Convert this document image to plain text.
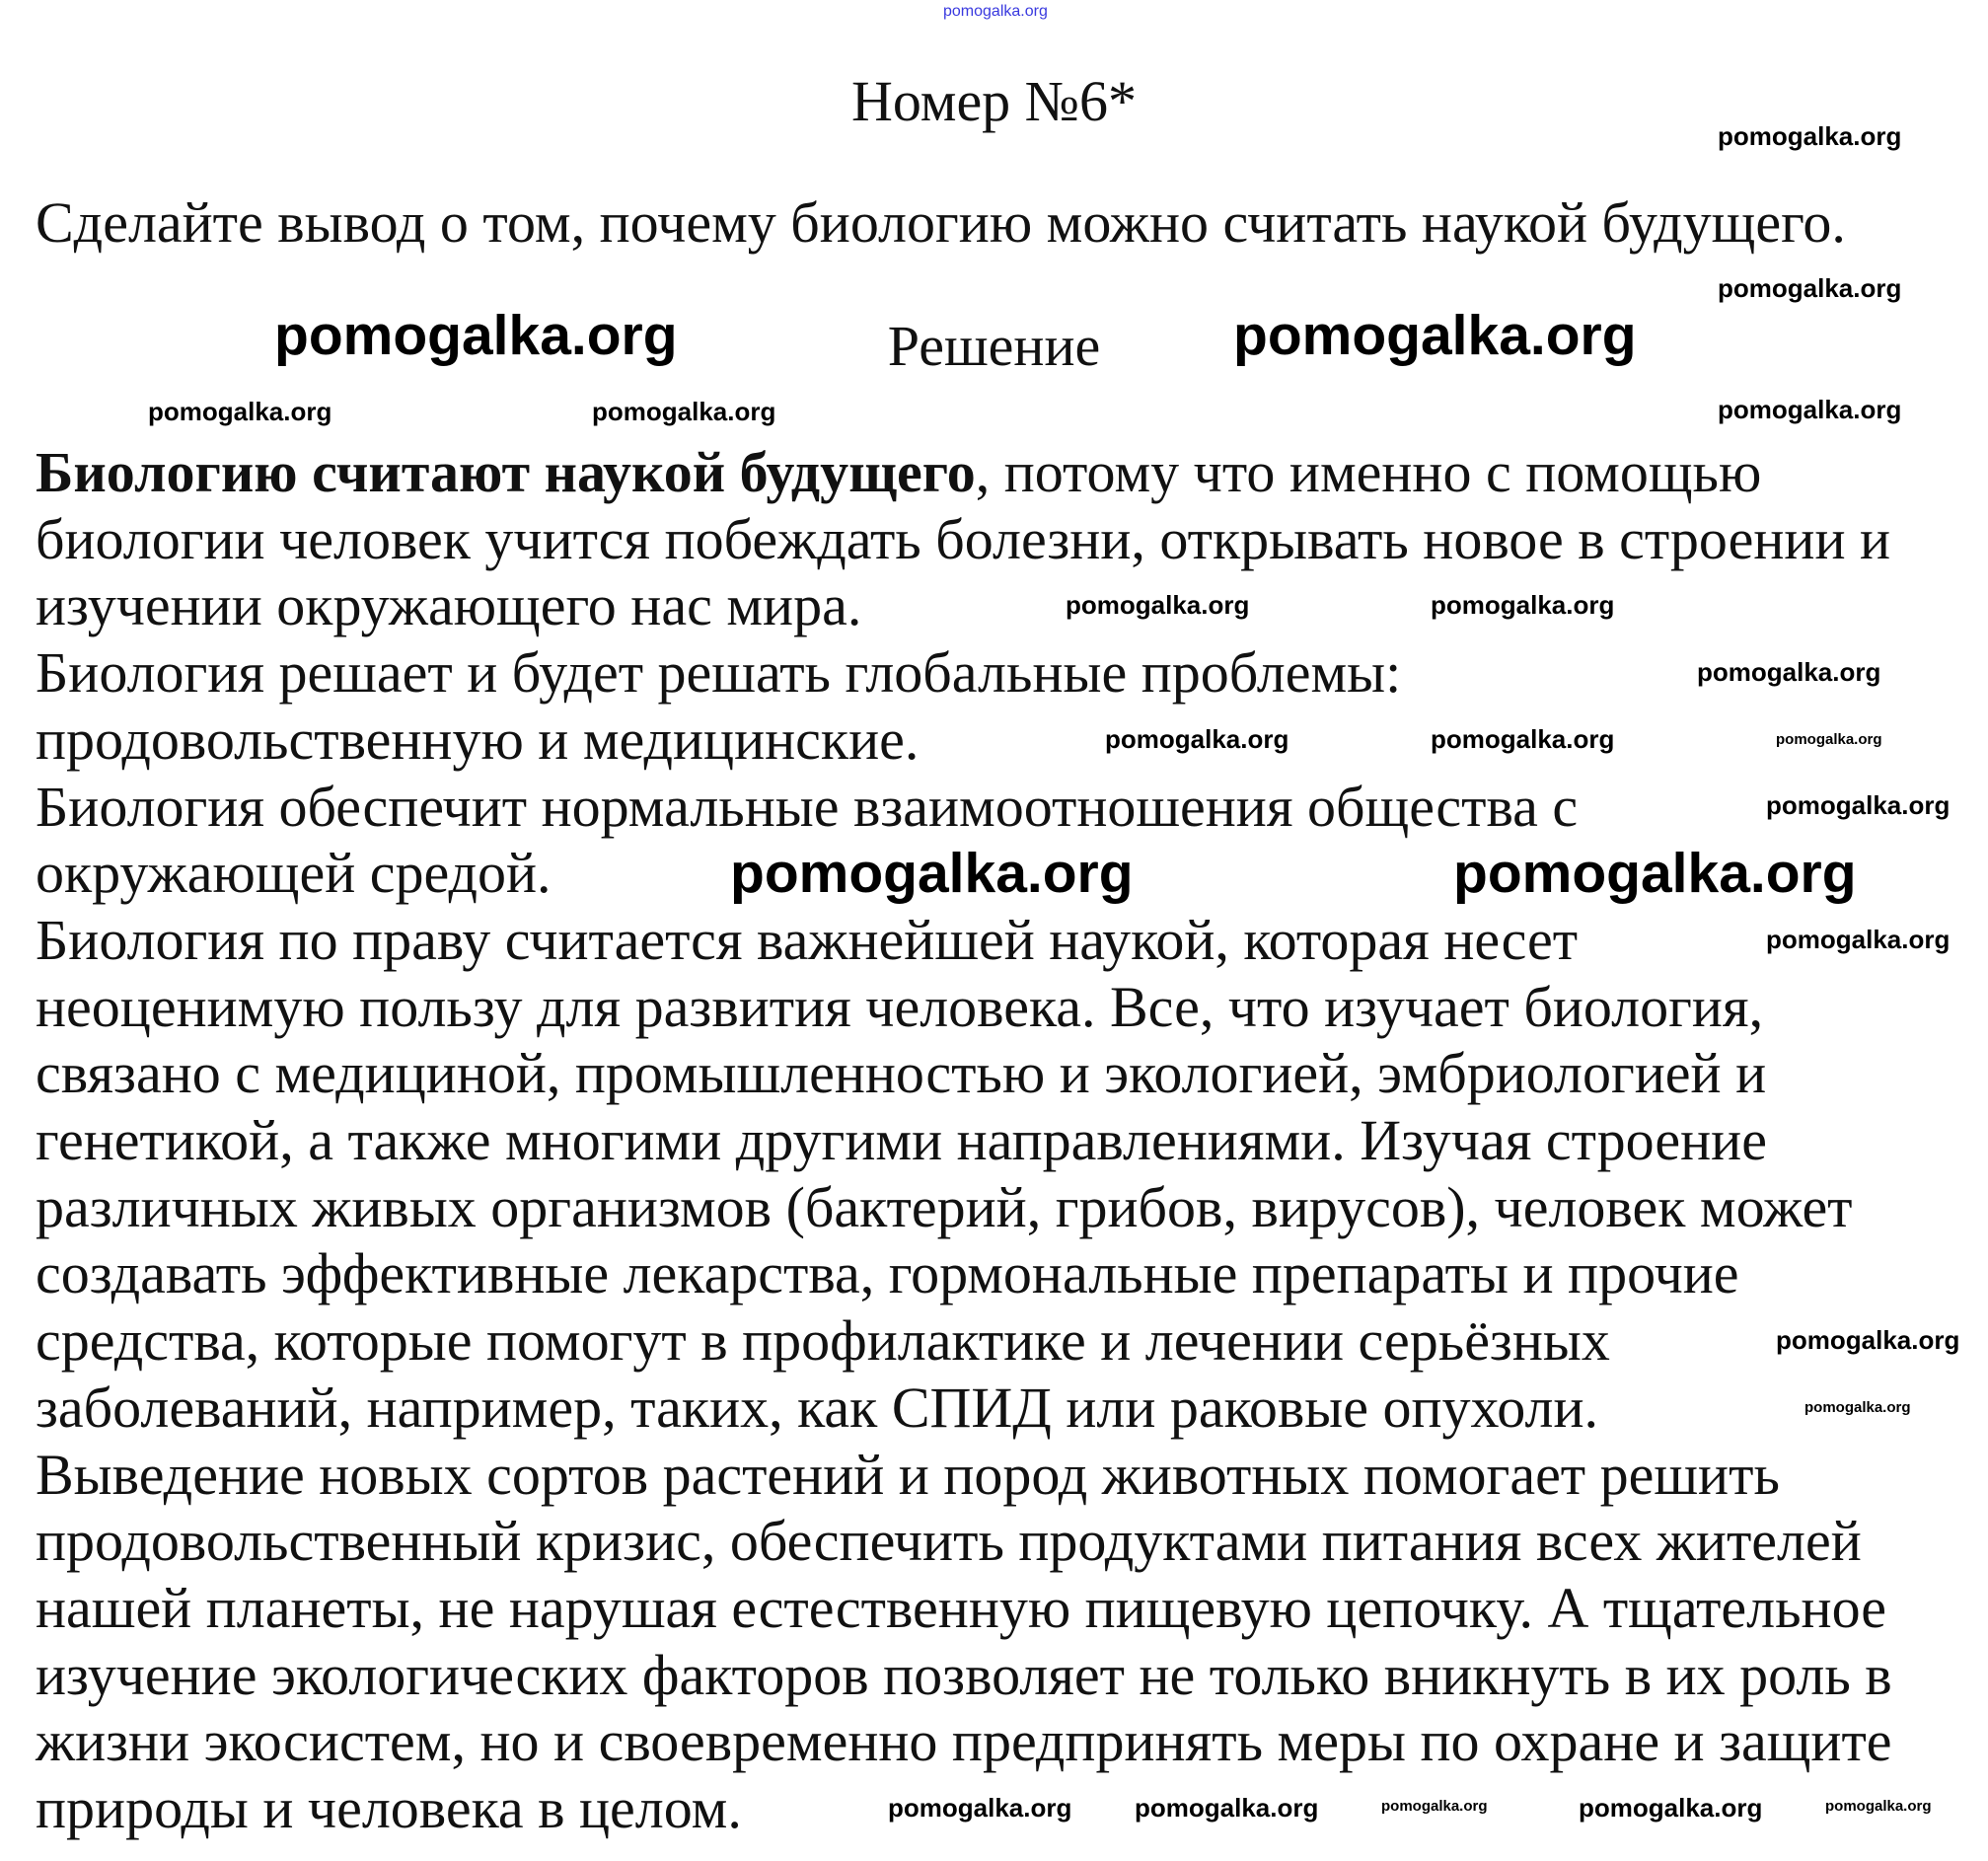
Номер №6*
Сделайте вывод о том, почему биологию можно считать наукой будущего.
Решение
Биологию считают наукой будущего, потому что именно с помощью
биологии человек учится побеждать болезни, открывать новое в строении и
изучении окружающего нас мира.
Биология решает и будет решать глобальные проблемы:
продовольственную и медицинские.
Биология обеспечит нормальные взаимоотношения общества с
окружающей средой.
Биология по праву считается важнейшей наукой, которая несет
неоценимую пользу для развития человека. Все, что изучает биология,
связано с медициной, промышленностью и экологией, эмбриологией и
генетикой, а также многими другими направлениями. Изучая строение
различных живых организмов (бактерий, грибов, вирусов), человек может
создавать эффективные лекарства, гормональные препараты и прочие
средства, которые помогут в профилактике и лечении серьёзных
заболеваний, например, таких, как СПИД или раковые опухоли.
Выведение новых сортов растений и пород животных помогает решить
продовольственный кризис, обеспечить продуктами питания всех жителей
нашей планеты, не нарушая естественную пищевую цепочку. А тщательное
изучение экологических факторов позволяет не только вникнуть в их роль в
жизни экосистем, но и своевременно предпринять меры по охране и защите
природы и человека в целом.
pomogalka.org
pomogalka.org
pomogalka.org
pomogalka.org
pomogalka.org	pomogalka.org
pomogalka.org	pomogalka.org
pomogalka.org	pomogalka.org
pomogalka.org	pomogalka.org
pomogalka.org
pomogalka.org	pomogalka.org	pomogalka.org
pomogalka.org
pomogalka.org
pomogalka.org
pomogalka.org
pomogalka.org pomogalka.org	pomogalka.org	pomogalka.org	pomogalka.org
